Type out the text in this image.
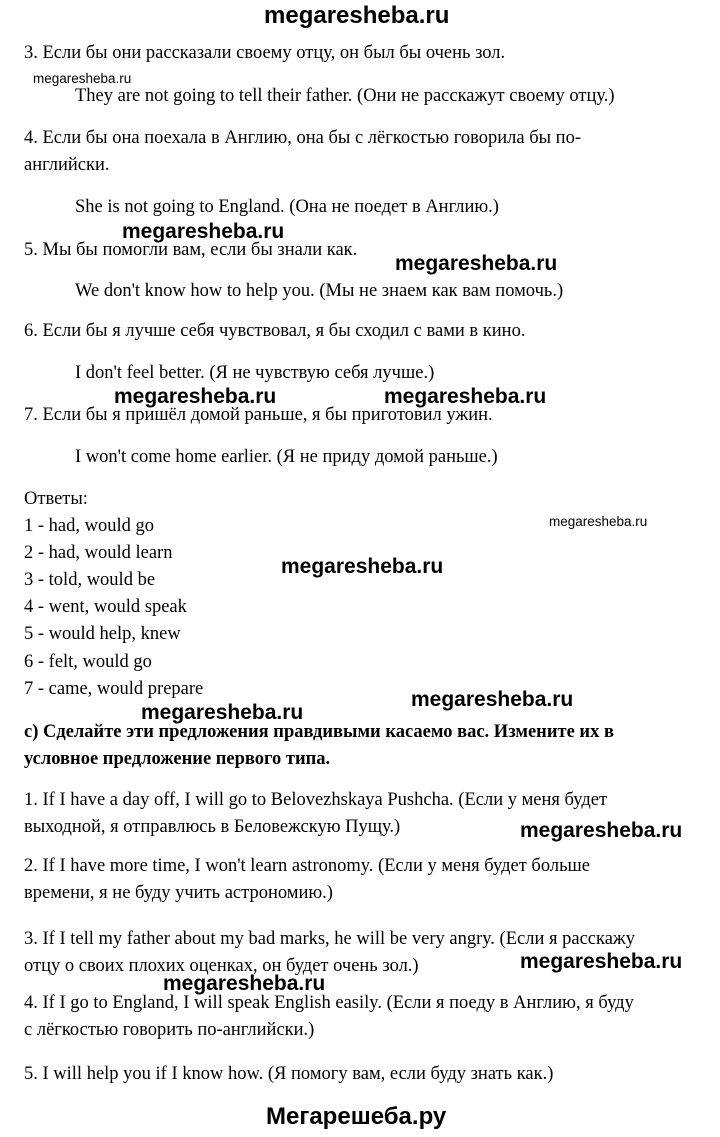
megaresheba.ru
3. Если бы они рассказали своему отцу, он был бы очень зол.
megaresheba.ru
They are not going to tell their father. (Они не расскажут своему отцу.)
4. Если бы она поехала в Англию, она бы с лёгкостью говорила бы по-
английски.
She is not going to England. (Она не поедет в Англию.)
megaresheba.ru
5. Мы бы помогли вам, если бы знали как.
megaresheba.ru
We don't know how to help you. (Мы не знаем как вам помочь.)
6. Если бы я лучше себя чувствовал, я бы сходил с вами в кино.
I don't feel better. (Я не чувствую себя лучше.)
megaresheba.ru	megaresheba.ru
7. Если бы я пришёл домой раньше, я бы приготовил ужин.
I won't come home earlier. (Я не приду домой раньше.)
Ответы:
megaresheba.ru
1 - had, would go
2 - had, would learn
megaresheba.ru
3 - told, would be
4 - went, would speak
5 - would help, knew
6 - felt, would go
7 - came, would prepare	megaresheba.ru
megaresheba.ru
c) Сделайте эти предложения правдивыми касаемо вас. Измените их в
условное предложение первого типа.
1. If I have a day off, I will go to Belovezhskaya Pushcha. (Если у меня будет
выходной, я отправлюсь в Беловежскую Пущу.)	megaresheba.ru
2. If I have more time, I won't learn astronomy. (Если у меня будет больше
времени, я не буду учить астрономию.)
3. If I tell my father about my bad marks, he will be very angry. (Если я расскажу
отцу о своих плохих оценках, он будет очень зол.)	megaresheba.ru
megaresheba.ru
4. If I go to England, I will speak English easily. (Если я поеду в Англию, я буду
с лёгкостью говорить по-английски.)
5. I will help you if I know how. (Я помогу вам, если буду знать как.)
Мегарешеба.ру
